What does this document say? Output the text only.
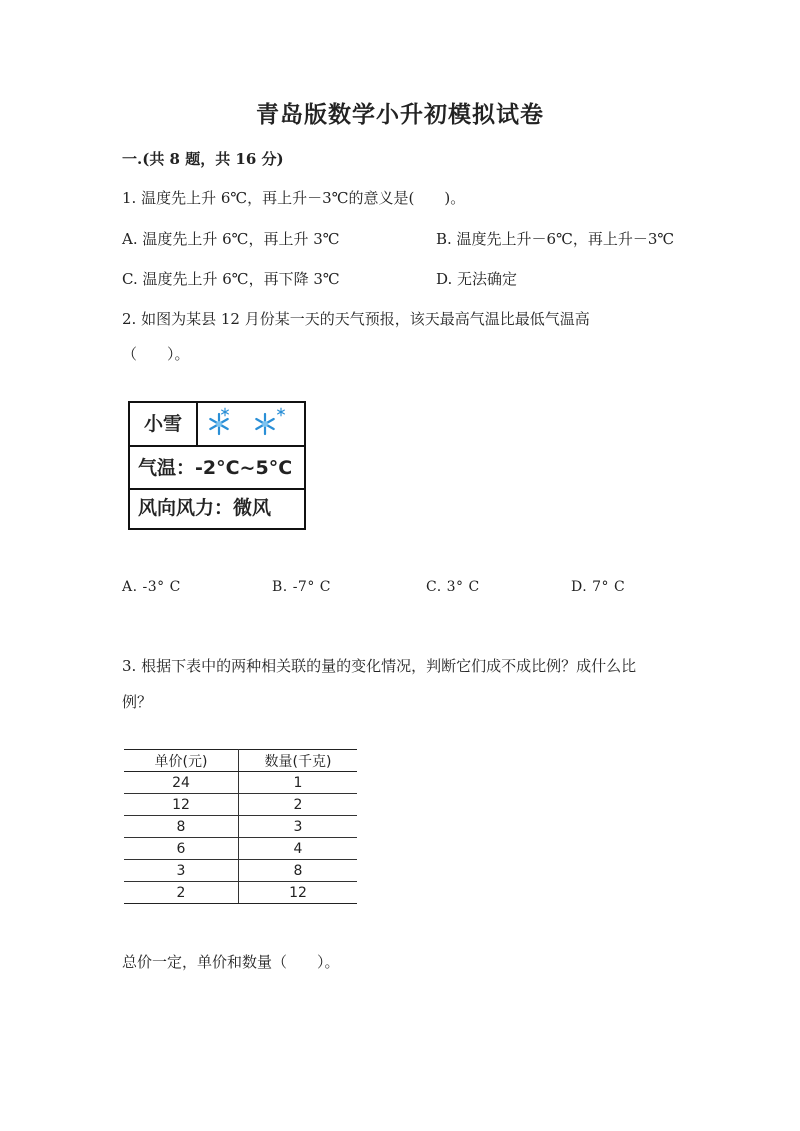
青岛版数学小升初模拟试卷
一.(共 8 题，共 16 分)
1. 温度先上升 6℃，再上升－3℃的意义是(　　)。
A. 温度先上升 6℃，再上升 3℃	B. 温度先上升－6℃，再上升－3℃
C. 温度先上升 6℃，再下降 3℃	D. 无法确定
2. 如图为某县 12 月份某一天的天气预报，该天最高气温比最低气温高
（　　）。
小雪
气温：-2°C~5°C
风向风力：微风
A. -3° C	B. -7° C	C. 3° C	D. 7° C
3. 根据下表中的两种相关联的量的变化情况，判断它们成不成比例？成什么比
例？
单价(元)	数量(千克)
24	1
12	2
8	3
6	4
3	8
2	12
总价一定，单价和数量（　　）。
